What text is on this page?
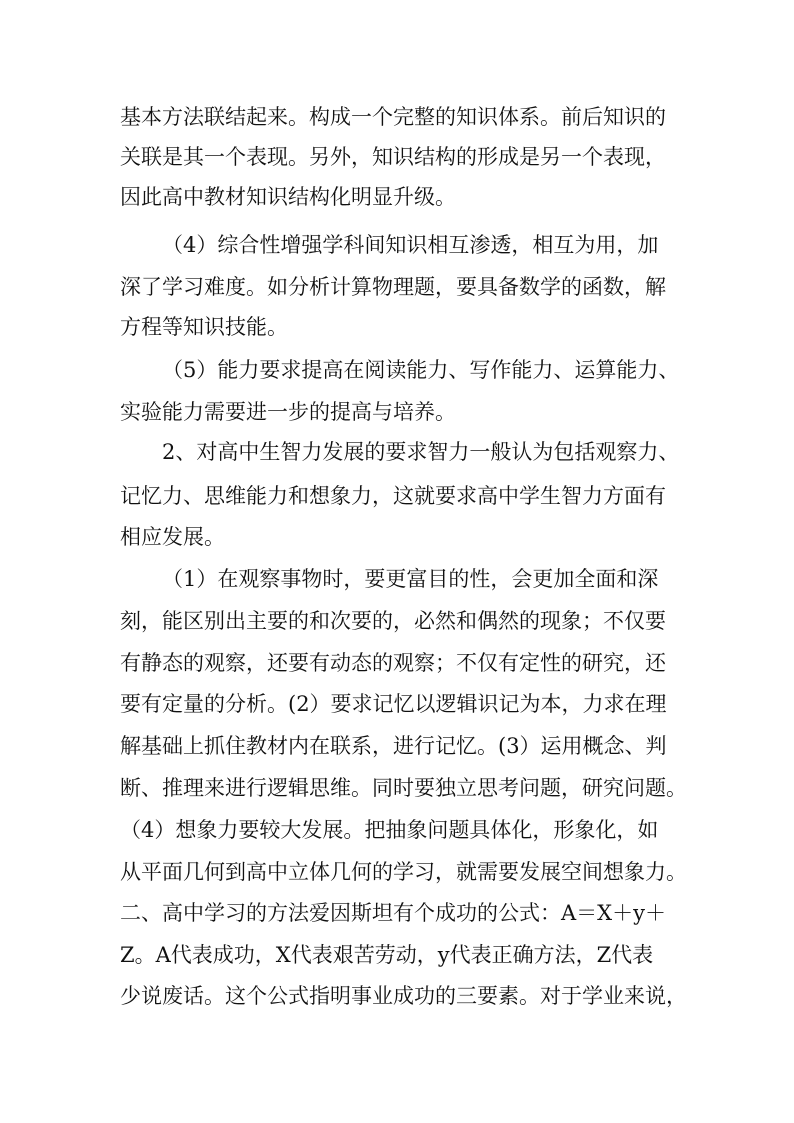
基本方法联结起来。构成一个完整的知识体系。前后知识的
关联是其一个表现。另外，知识结构的形成是另一个表现，
因此高中教材知识结构化明显升级。
（4）综合性增强学科间知识相互渗透，相互为用，加
深了学习难度。如分析计算物理题，要具备数学的函数，解
方程等知识技能。
（5）能力要求提高在阅读能力、写作能力、运算能力、
实验能力需要进一步的提高与培养。
2、对高中生智力发展的要求智力一般认为包括观察力、
记忆力、思维能力和想象力，这就要求高中学生智力方面有
相应发展。
（1）在观察事物时，要更富目的性，会更加全面和深
刻，能区别出主要的和次要的，必然和偶然的现象；不仅要
有静态的观察，还要有动态的观察；不仅有定性的研究，还
要有定量的分析。(2）要求记忆以逻辑识记为本，力求在理
解基础上抓住教材内在联系，进行记忆。(3）运用概念、判
断、推理来进行逻辑思维。同时要独立思考问题，研究问题。
（4）想象力要较大发展。把抽象问题具体化，形象化，如
从平面几何到高中立体几何的学习，就需要发展空间想象力。
二、高中学习的方法爱因斯坦有个成功的公式：A＝X＋y＋
Z。A代表成功，X代表艰苦劳动，y代表正确方法，Z代表
少说废话。这个公式指明事业成功的三要素。对于学业来说，
